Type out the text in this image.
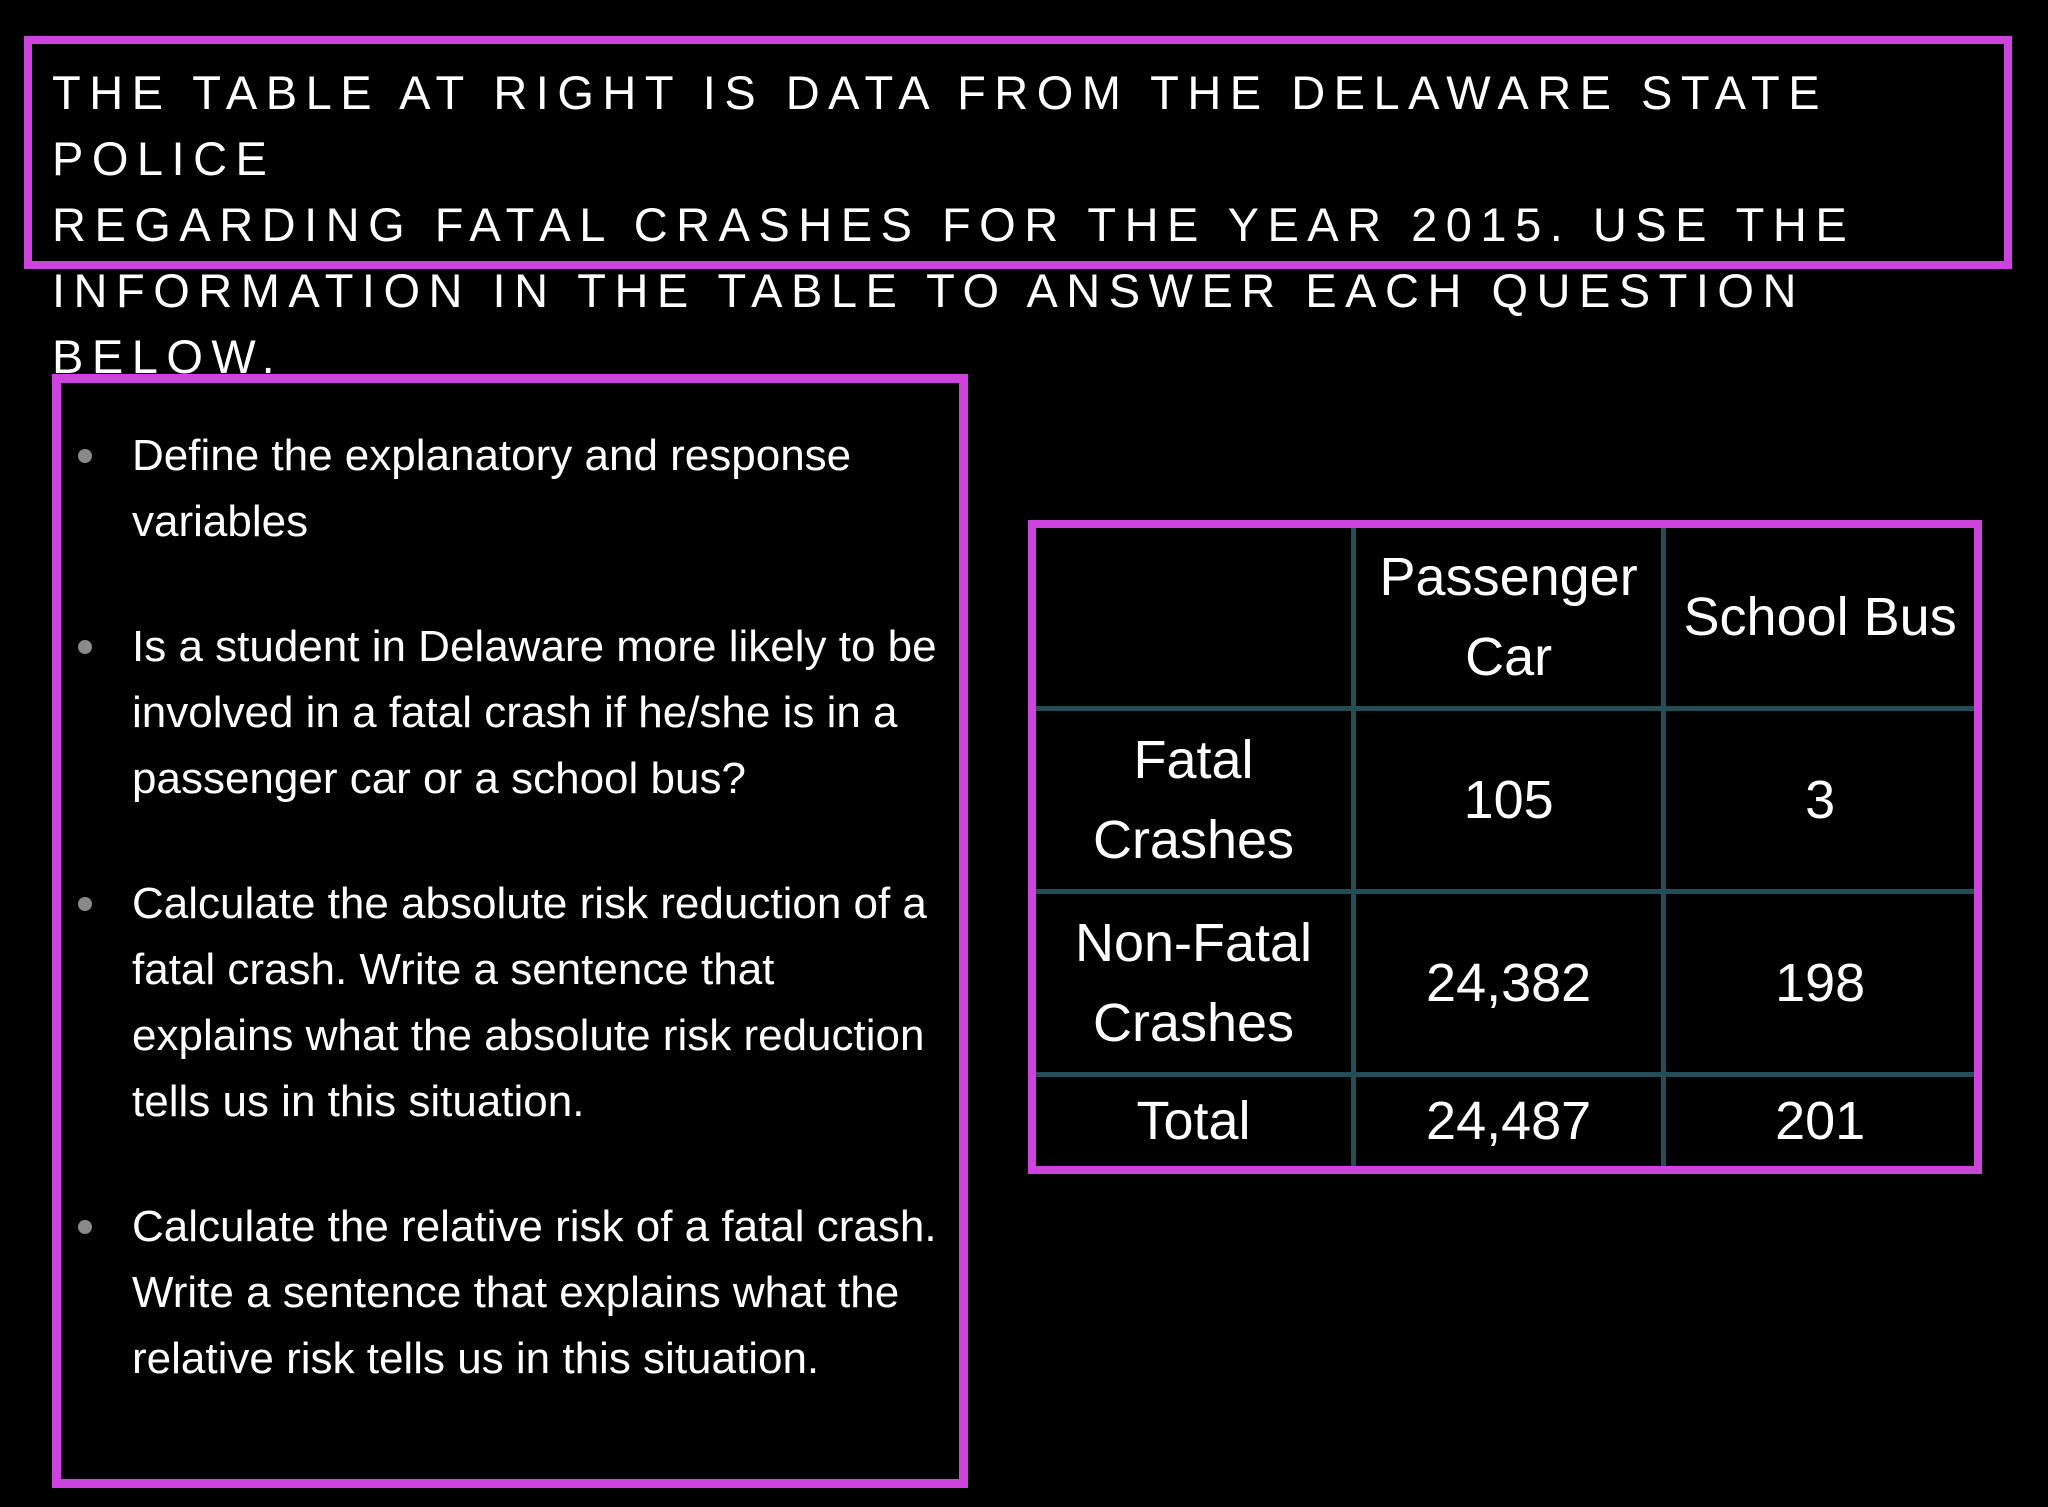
THE TABLE AT RIGHT IS DATA FROM THE DELAWARE STATE POLICE
REGARDING FATAL CRASHES FOR THE YEAR 2015. USE THE
INFORMATION IN THE TABLE TO ANSWER EACH QUESTION BELOW.

Define the explanatory and response variables
Is a student in Delaware more likely to be involved in a fatal crash if he/she is in a passenger car or a school bus?
Calculate the absolute risk reduction of a fatal crash. Write a sentence that explains what the absolute risk reduction tells us in this situation.
Calculate the relative risk of a fatal crash. Write a sentence that explains what the relative risk tells us in this situation.
	Passenger Car	School Bus
Fatal Crashes	105	3
Non-Fatal Crashes	24,382	198
Total	24,487	201
